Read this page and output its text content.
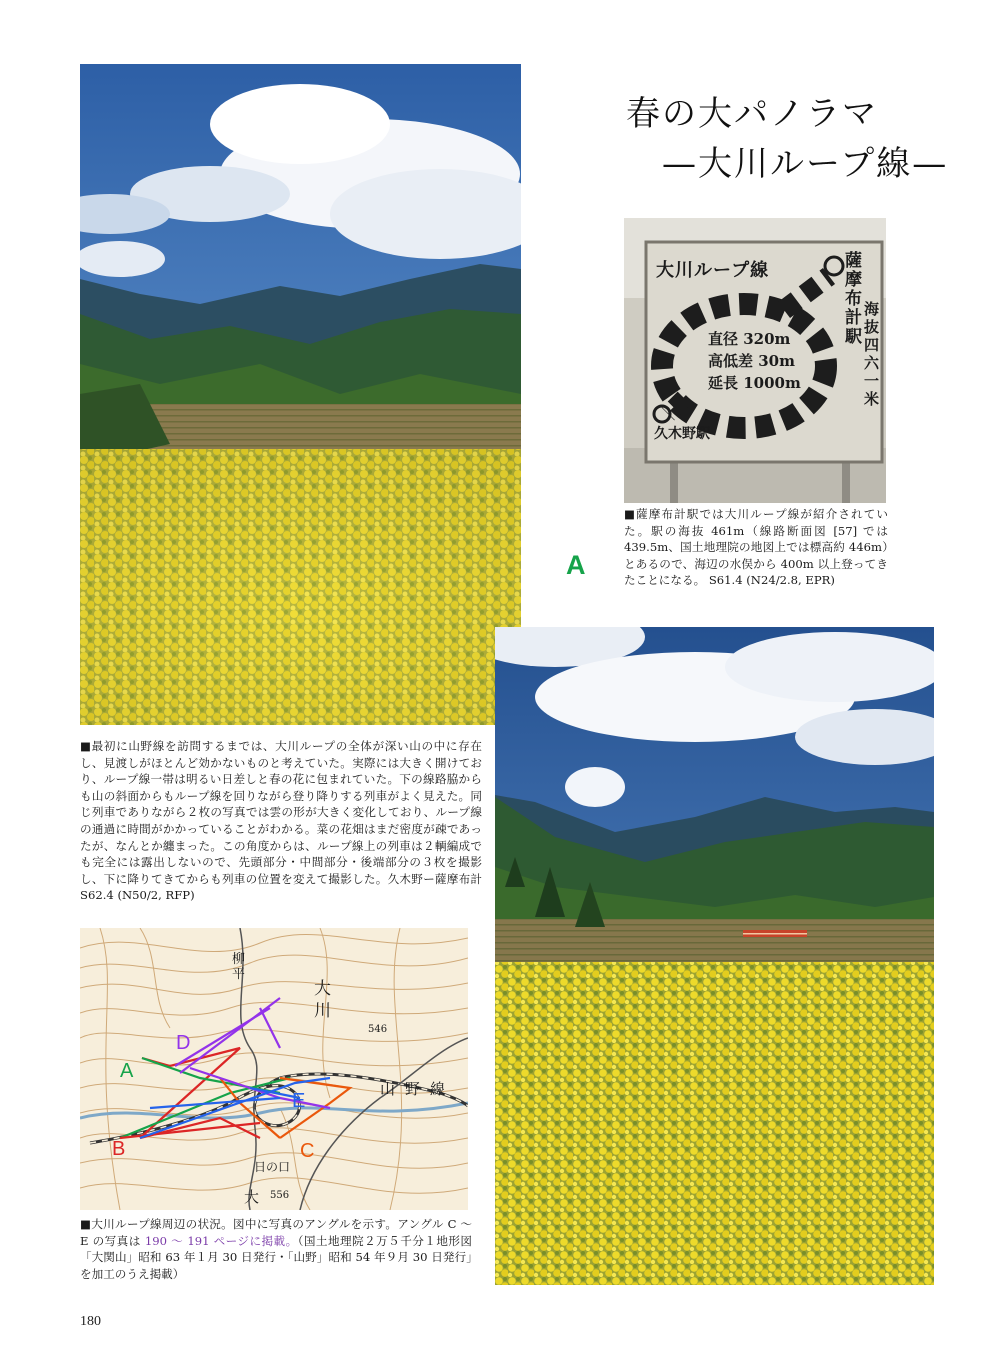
春の大パノラマ
—大川ループ線—
大川ループ線	薩摩布計駅
海抜四六一米
直径 320m
高低差 30m
延長 1000m
久木野駅
■薩摩布計駅では大川ループ線が紹介されていた。駅の海抜 461m（線路断面図 [57] では 439.5m、国土地理院の地図上では標高約 446m）とあるので、海辺の水俣から 400m 以上登ってきたことになる。 S61.4 (N24/2.8, EPR)
A
■最初に山野線を訪問するまでは、大川ループの全体が深い山の中に存在し、見渡しがほとんど効かないものと考えていた。実際には大きく開けており、ループ線一帯は明るい日差しと春の花に包まれていた。下の線路脇からも山の斜面からもループ線を回りながら登り降りする列車がよく見えた。同じ列車でありながら２枚の写真では雲の形が大きく変化しており、ループ線の通過に時間がかかっていることがわかる。菜の花畑はまだ密度が疎であったが、なんとか纏まった。この角度からは、ループ線上の列車は２輌編成でも完全には露出しないので、先頭部分・中間部分・後端部分の３枚を撮影し、下に降りてきてからも列車の位置を変えて撮影した。久木野ー薩摩布計 S62.4 (N50/2, RFP)
柳平
大川
山野線
日の口
大
546
556
A
B	C
D
E
■大川ループ線周辺の状況。図中に写真のアングルを示す。アングル C ～ E の写真は 190 ～ 191 ページに掲載。（国土地理院２万５千分１地形図「大関山」昭和 63 年１月 30 日発行・「山野」昭和 54 年９月 30 日発行」を加工のうえ掲載）
180
